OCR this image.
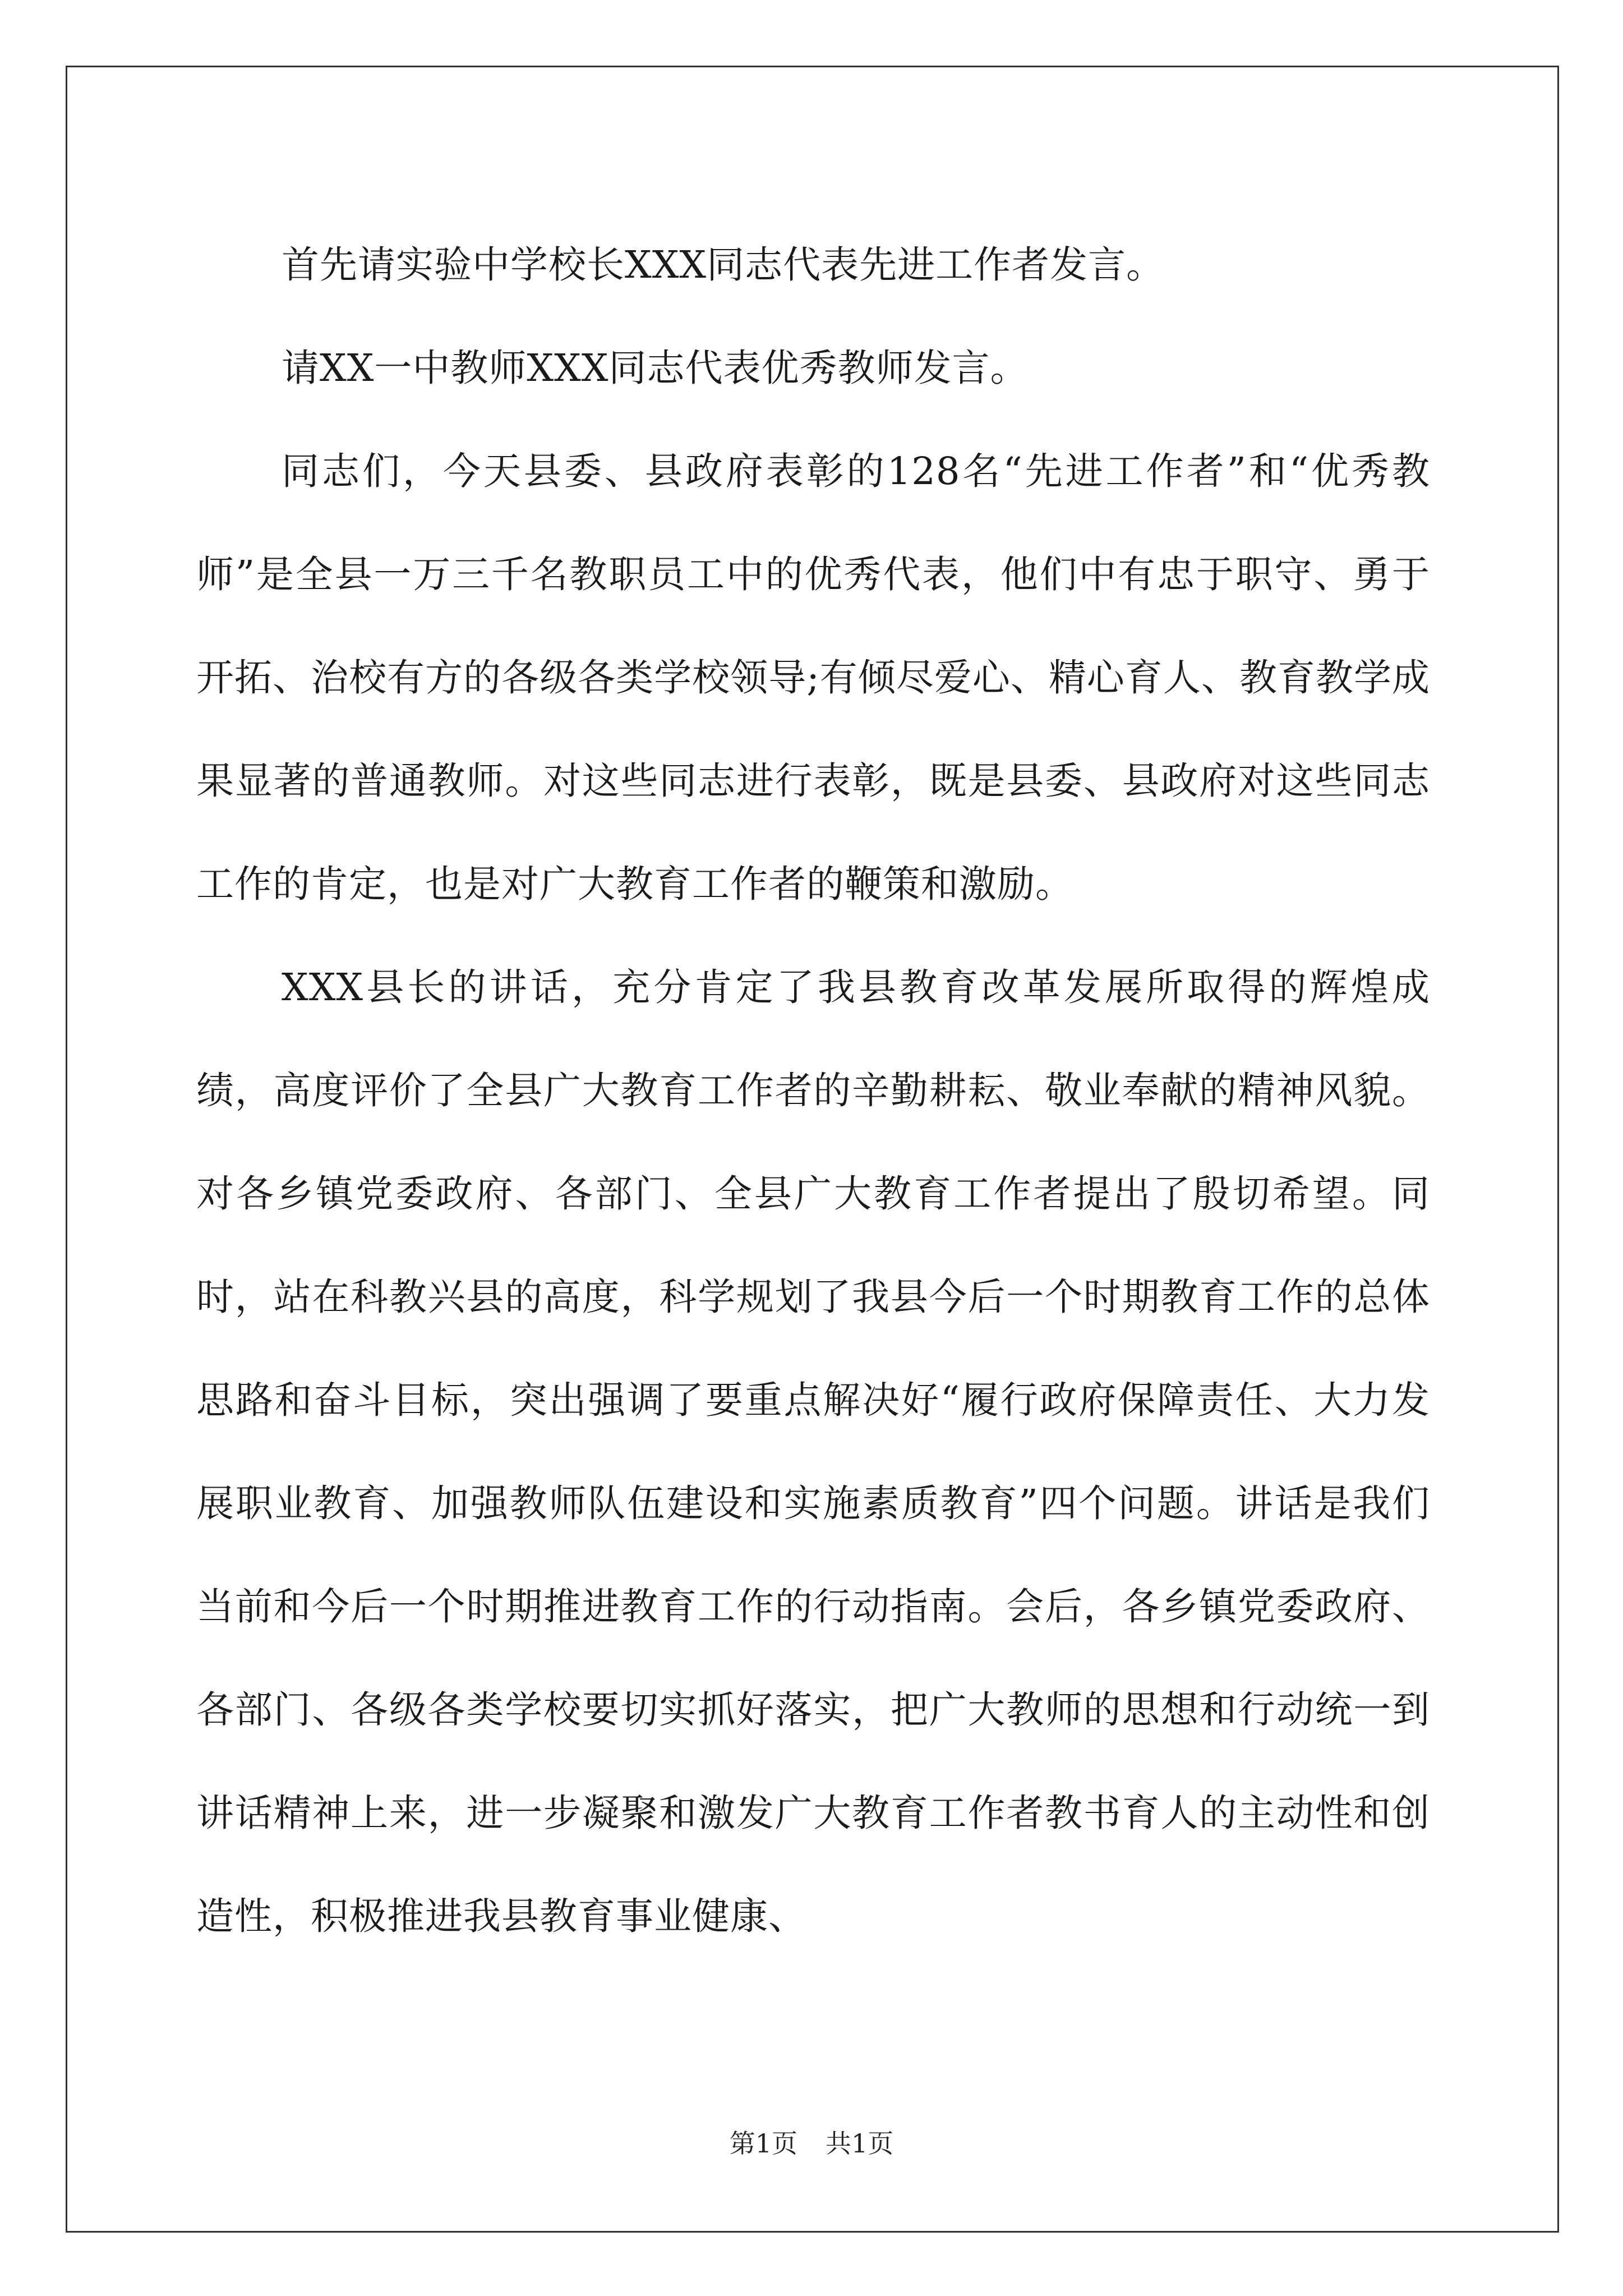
首先请实验中学校长XXX同志代表先进工作者发言。

请XX一中教师XXX同志代表优秀教师发言。

同志们，今天县委、县政府表彰的128名“先进工作者”和“优秀教师”是全县一万三千名教职员工中的优秀代表，他们中有忠于职守、勇于开拓、治校有方的各级各类学校领导;有倾尽爱心、精心育人、教育教学成果显著的普通教师。对这些同志进行表彰，既是县委、县政府对这些同志工作的肯定，也是对广大教育工作者的鞭策和激励。

XXX县长的讲话，充分肯定了我县教育改革发展所取得的辉煌成绩，高度评价了全县广大教育工作者的辛勤耕耘、敬业奉献的精神风貌。对各乡镇党委政府、各部门、全县广大教育工作者提出了殷切希望。同时，站在科教兴县的高度，科学规划了我县今后一个时期教育工作的总体思路和奋斗目标，突出强调了要重点解决好“履行政府保障责任、大力发展职业教育、加强教师队伍建设和实施素质教育”四个问题。讲话是我们当前和今后一个时期推进教育工作的行动指南。会后，各乡镇党委政府、各部门、各级各类学校要切实抓好落实，把广大教师的思想和行动统一到讲话精神上来，进一步凝聚和激发广大教育工作者教书育人的主动性和创造性，积极推进我县教育事业健康、

第1页 共1页
